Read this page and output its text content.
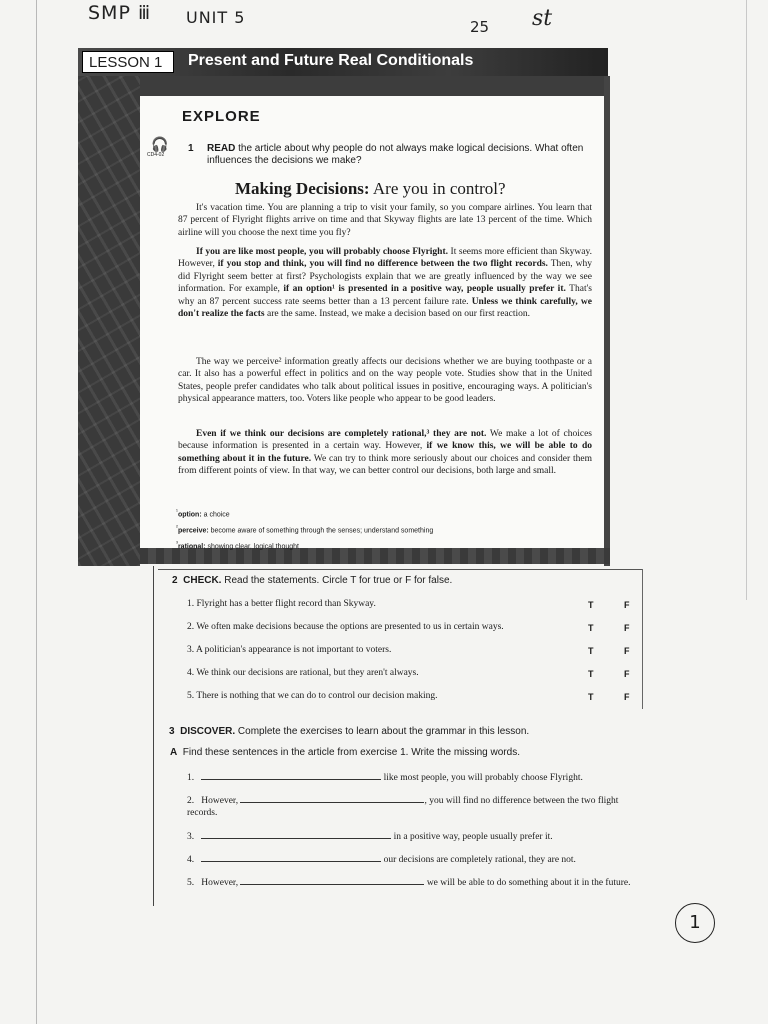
SMP ⅲ UNIT 5	25 st
LESSON 1	Present and Future Real Conditionals
EXPLORE
🎧
CD4-02
1 READ the article about why people do not always make logical decisions. What often influences the decisions we make?
Making Decisions: Are you in control?

It's vacation time. You are planning a trip to visit your family, so you compare airlines. You learn that 87 percent of Flyright flights arrive on time and that Skyway flights are late 13 percent of the time. Which airline will you choose the next time you fly?

If you are like most people, you will probably choose Flyright. It seems more efficient than Skyway. However, if you stop and think, you will find no difference between the two flight records. Then, why did Flyright seem better at first? Psychologists explain that we are greatly influenced by the way we see information. For example, if an option¹ is presented in a positive way, people usually prefer it. That's why an 87 percent success rate seems better than a 13 percent failure rate. Unless we think carefully, we don't realize the facts are the same. Instead, we make a decision based on our first reaction.

The way we perceive² information greatly affects our decisions whether we are buying toothpaste or a car. It also has a powerful effect in politics and on the way people vote. Studies show that in the United States, people prefer candidates who talk about political issues in positive, encouraging ways. A politician's physical appearance matters, too. Voters like people who appear to be good leaders.

Even if we think our decisions are completely rational,³ they are not. We make a lot of choices because information is presented in a certain way. However, if we know this, we will be able to do something about it in the future. We can try to think more seriously about our choices and consider them from different points of view. In that way, we can better control our decisions, both large and small.

$^{^1}$option: a choice
$^{^2}$perceive: become aware of something through the senses; understand something
$^{^3}$rational: showing clear, logical thought
2 CHECK. Read the statements. Circle T for true or F for false.
1. Flyright has a better flight record than Skyway.	T	F
2. We often make decisions because the options are presented to us in certain ways.	T	F
3. A politician's appearance is not important to voters.	T	F
4. We think our decisions are rational, but they aren't always.	T	F
5. There is nothing that we can do to control our decision making.	T	F
3 DISCOVER. Complete the exercises to learn about the grammar in this lesson.
A Find these sentences in the article from exercise 1. Write the missing words.
1.	like most people, you will probably choose Flyright.
2. However,	, you will find no difference between the two flight records.
3.	in a positive way, people usually prefer it.
4.	our decisions are completely rational, they are not.
5. However,	we will be able to do something about it in the future.
1
